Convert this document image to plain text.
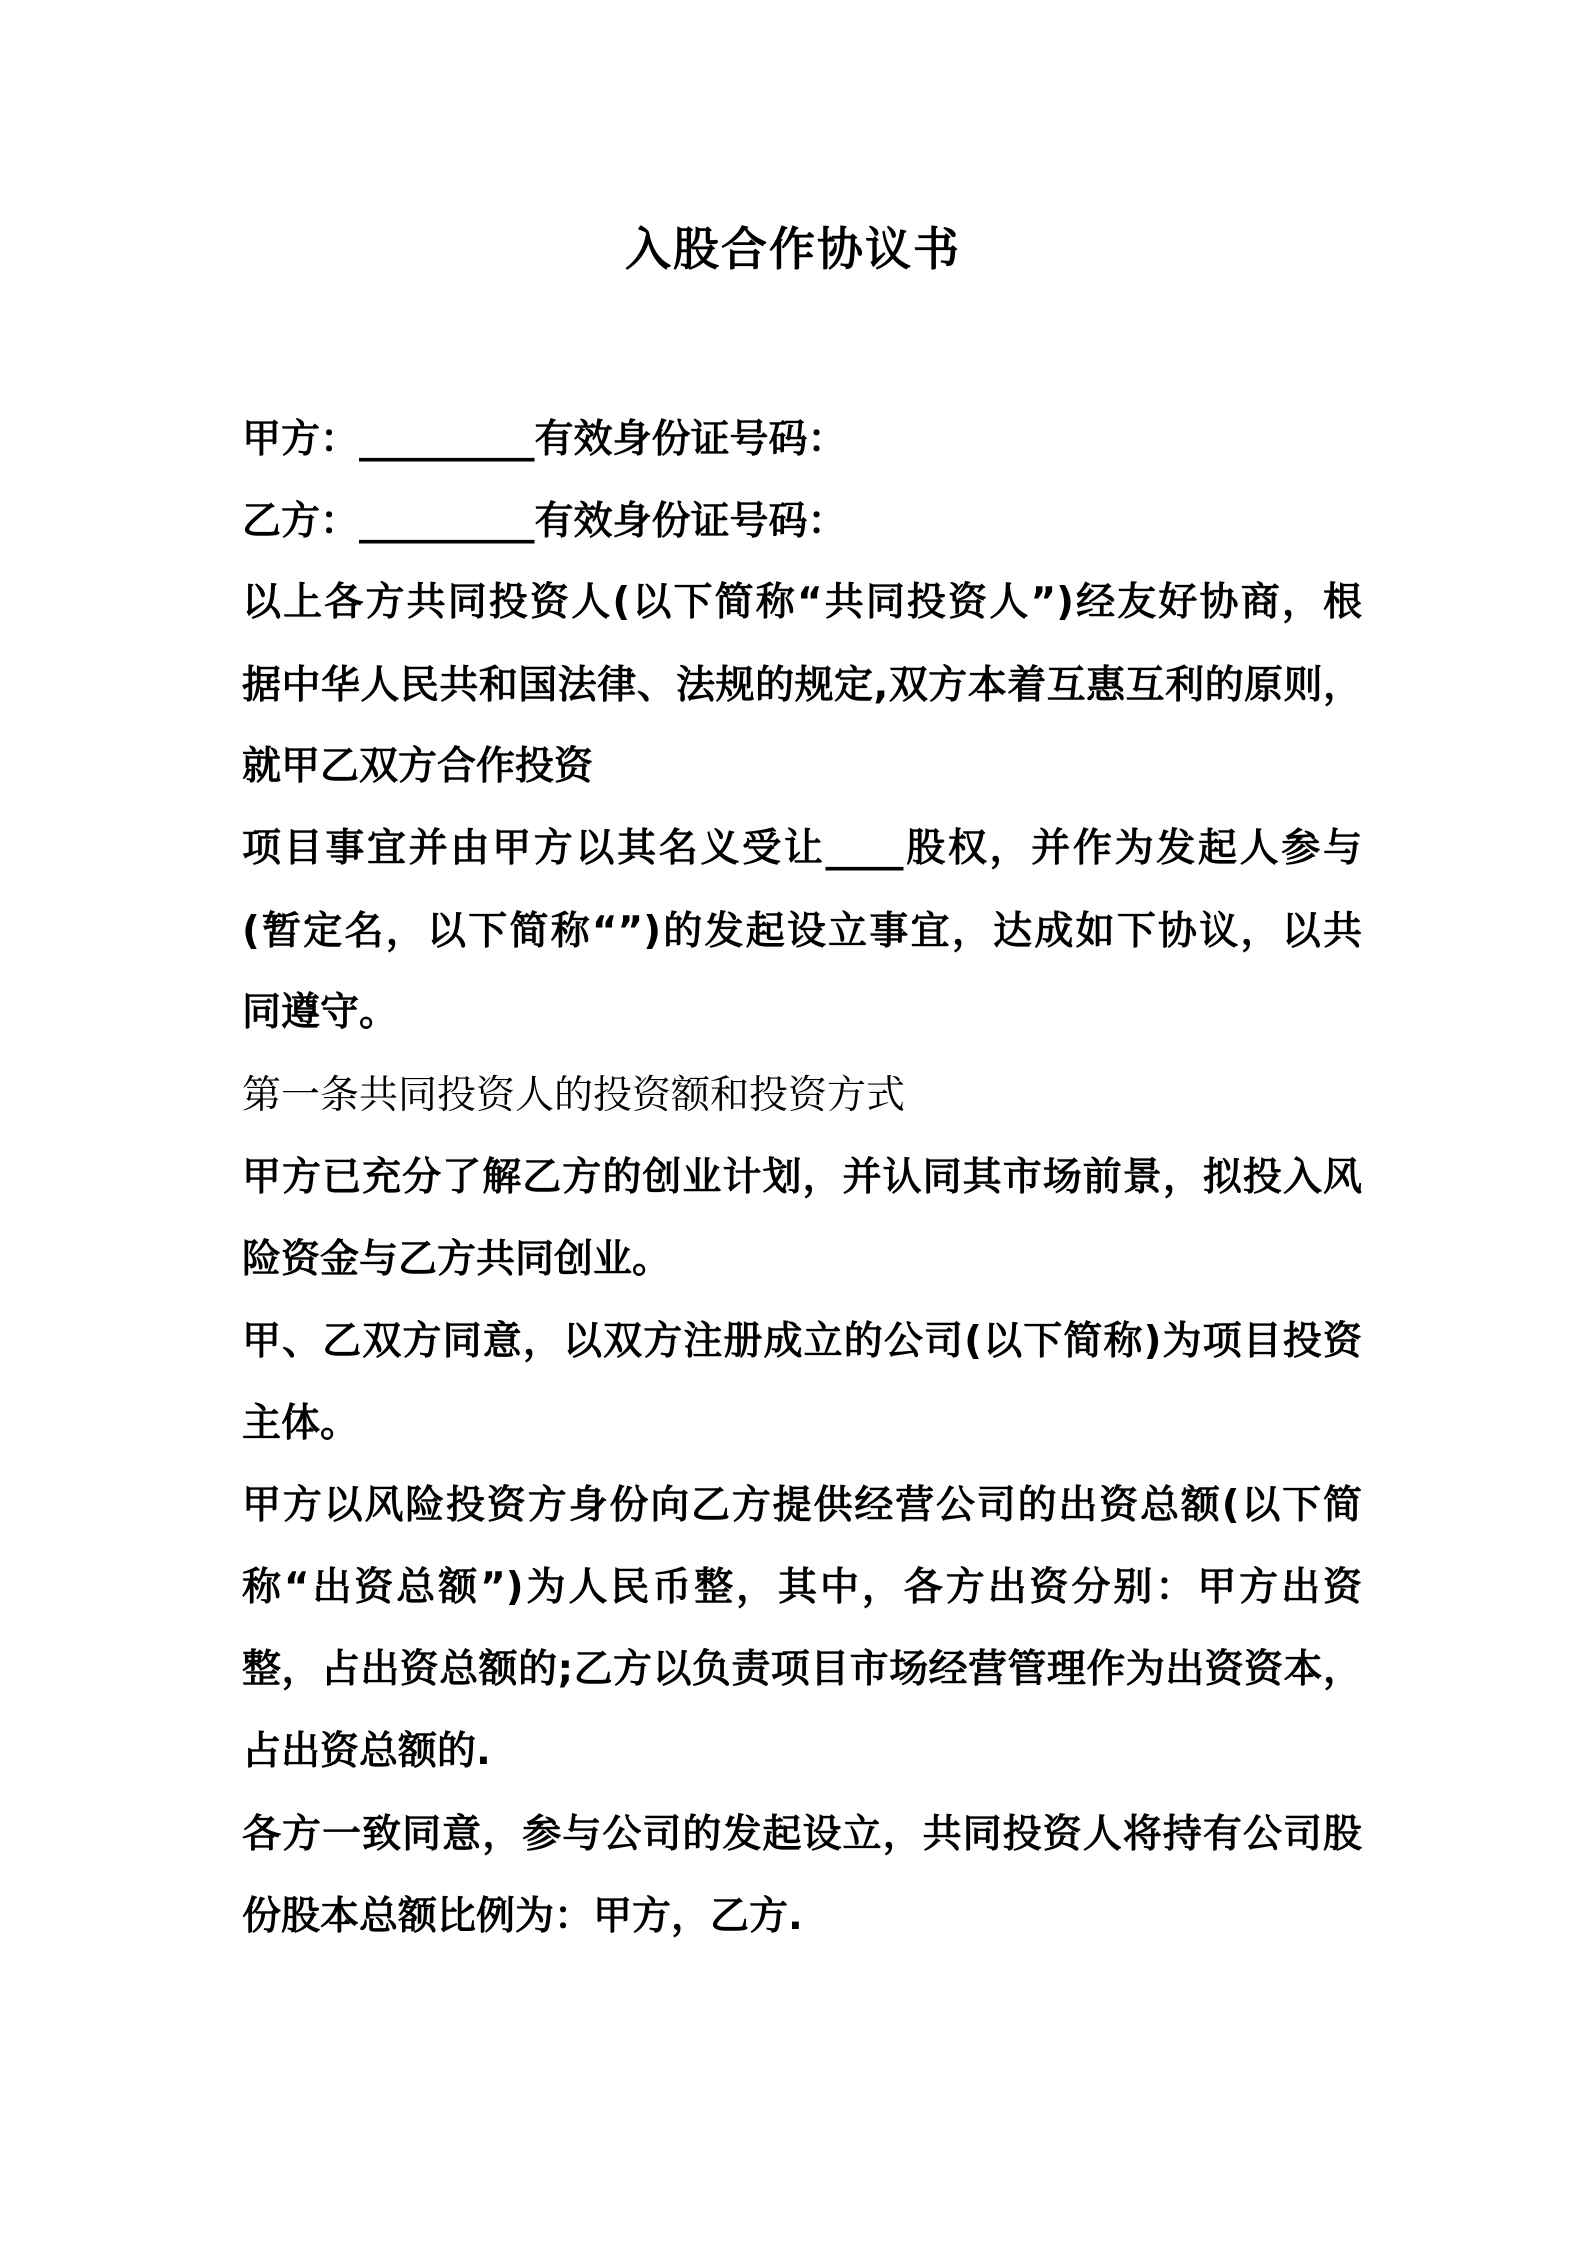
入股合作协议书
甲方：_________有效身份证号码：
乙方：_________有效身份证号码：
以上各方共同投资人(以下简称“共同投资人”)经友好协商，根
据中华人民共和国法律、法规的规定,双方本着互惠互利的原则，
就甲乙双方合作投资
项目事宜并由甲方以其名义受让____股权，并作为发起人参与
(暂定名，以下简称“”)的发起设立事宜，达成如下协议，以共
同遵守。
第一条共同投资人的投资额和投资方式
甲方已充分了解乙方的创业计划，并认同其市场前景，拟投入风
险资金与乙方共同创业。
甲、乙双方同意，以双方注册成立的公司(以下简称)为项目投资
主体。
甲方以风险投资方身份向乙方提供经营公司的出资总额(以下简
称“出资总额”)为人民币整，其中，各方出资分别：甲方出资
整，占出资总额的;乙方以负责项目市场经营管理作为出资资本，
占出资总额的.
各方一致同意，参与公司的发起设立，共同投资人将持有公司股
份股本总额比例为：甲方，乙方.
